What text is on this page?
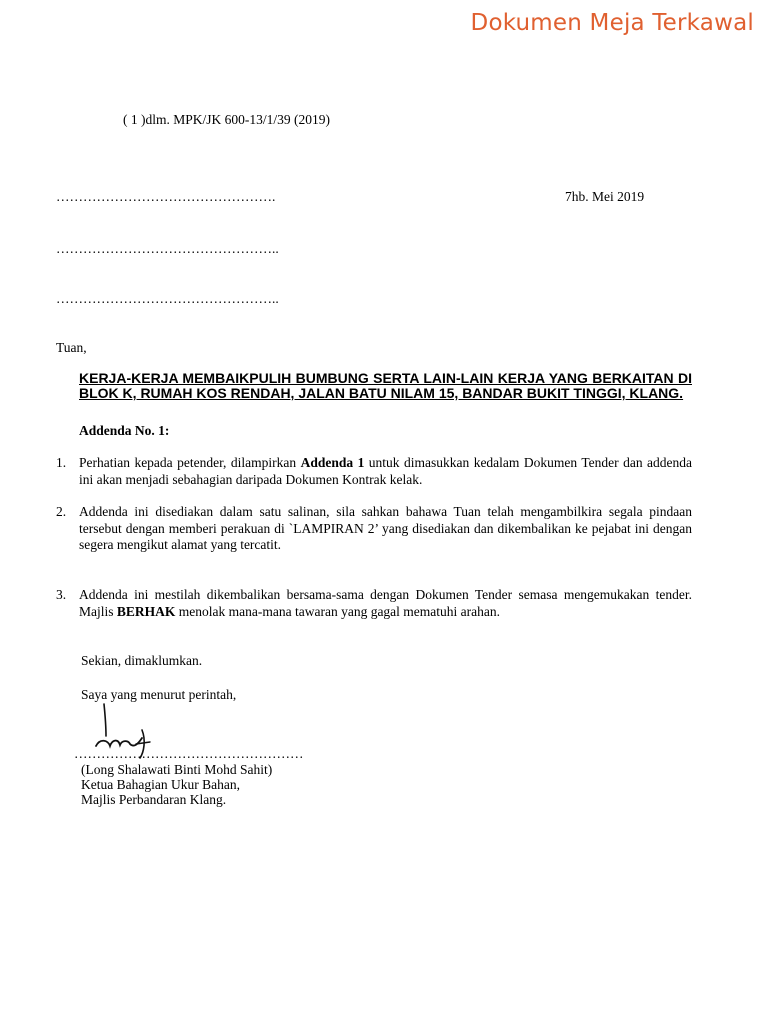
Dokumen Meja Terkawal
( 1 )dlm. MPK/JK 600-13/1/39 (2019)
………………………………………….	7hb. Mei 2019
…………………………………………..
…………………………………………..
Tuan,
KERJA-KERJA MEMBAIKPULIH BUMBUNG SERTA LAIN-LAIN KERJA YANG BERKAITAN DI BLOK K, RUMAH KOS RENDAH, JALAN BATU NILAM 15, BANDAR BUKIT TINGGI, KLANG.
Addenda No. 1:
1. Perhatian kepada petender, dilampirkan Addenda 1 untuk dimasukkan kedalam Dokumen Tender dan addenda ini akan menjadi sebahagian daripada Dokumen Kontrak kelak.
2. Addenda ini disediakan dalam satu salinan, sila sahkan bahawa Tuan telah mengambilkira segala pindaan tersebut dengan memberi perakuan di `LAMPIRAN 2’ yang disediakan dan dikembalikan ke pejabat ini dengan segera mengikut alamat yang tercatit.
3. Addenda ini mestilah dikembalikan bersama-sama dengan Dokumen Tender semasa mengemukakan tender. Majlis BERHAK menolak mana-mana tawaran yang gagal mematuhi arahan.
Sekian, dimaklumkan.
Saya yang menurut perintah,
……………………………………………
(Long Shalawati Binti Mohd Sahit)
Ketua Bahagian Ukur Bahan,
Majlis Perbandaran Klang.
